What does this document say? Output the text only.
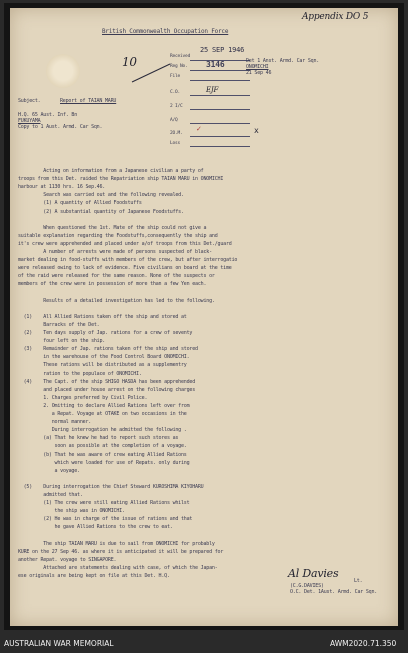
Appendix DO 5
British Commonwealth Occupation Force
10	Received
25 SEP 1946
Reg No. 3146
File
C.O.	EJF
2 I/C
A/Q
2O.M.
Loss
✓	x
Det 1 Anst. Armd. Car Sqn.
ONOMICHI
21 Sep 46
Subject.	Report of TAIAN MARU
H.Q. 65 Aust. Inf. Bn
FUKUYAMA
Copy to 1 Aust. Armd. Car Sqn.
Acting on information from a Japanese civilian a party of
troops from this Det. raided the Repatriation ship TAIAN MARU in ONOMICHI
harbour at 1130 hrs. 16 Sep.46.
Search was carried out and the following revealed.
(1) A quantity of Allied Foodstuffs
(2) A substantial quantity of Japanese Foodstuffs.
When questioned the 1st. Mate of the ship could not give a
suitable explanation regarding the Foodstuffs,consequently the ship and
it's crew were apprehended and placed under a/of troops from this Det./guard
A number of arrests were made of persons suspected of black-
market dealing in food-stuffs with members of the crew, but after interrogatio
were released owing to lack of evidence. Five civilians on board at the time
of the raid were released for the same reason. None of the suspects or
members of the crew were in possession of more than a few Yen each.
Results of a detailed investigation has led to the following.
(1)    All Allied Rations taken off the ship and stored at
Barracks of the Det.
(2)    Ten days supply of Jap. rations for a crew of seventy
four left on the ship.
(3)    Remainder of Jap. rations taken off the ship and stored
in the warehouse of the Food Control Board ONOMICHI.
These rations will be distributed as a supplementry
ration to the populace of ONOMICHI.
(4)    The Capt. of the ship SHIGO HASDA has been apprehended
and placed under house arrest on the following charges
1. Charges preferred by Civil Police.
2. Omitting to declare Allied Rations left over from
a Repat. Voyage at OTAKE on two occasions in the
normal manner.
During interrogation he admitted the following .
(a) That he knew he had to report such stores as
soon as possible at the completion of a voyage.
(b) That he was aware of crew eating Allied Rations
which were loaded for use of Repats. only during
a voyage.
(5)    During interrogation the Chief Steward KUROSHIMA KIYOHARU
admitted that.
(1) The crew were still eating Allied Rations whilst
the ship was in ONOMICHI.
(2) He was in charge of the issue of rations and that
he gave Allied Rations to the crew to eat.
The ship TAIAN MARU is due to sail from ONOMICHI for probably
KURE on the 27 Sep 46. as where it is anticipated it will be prepared for
another Repat. voyage to SINGAPORE.
Attached are statements dealing with case, of which the Japan-
ese originals are being kept on file at this Det. H.Q.	Al Davies
(C.G.DAVIES)
Lt.
O.C. Det. 1Aust. Armd. Car Sqn.
AUSTRALIAN WAR MEMORIAL	AWM2020.71.350
